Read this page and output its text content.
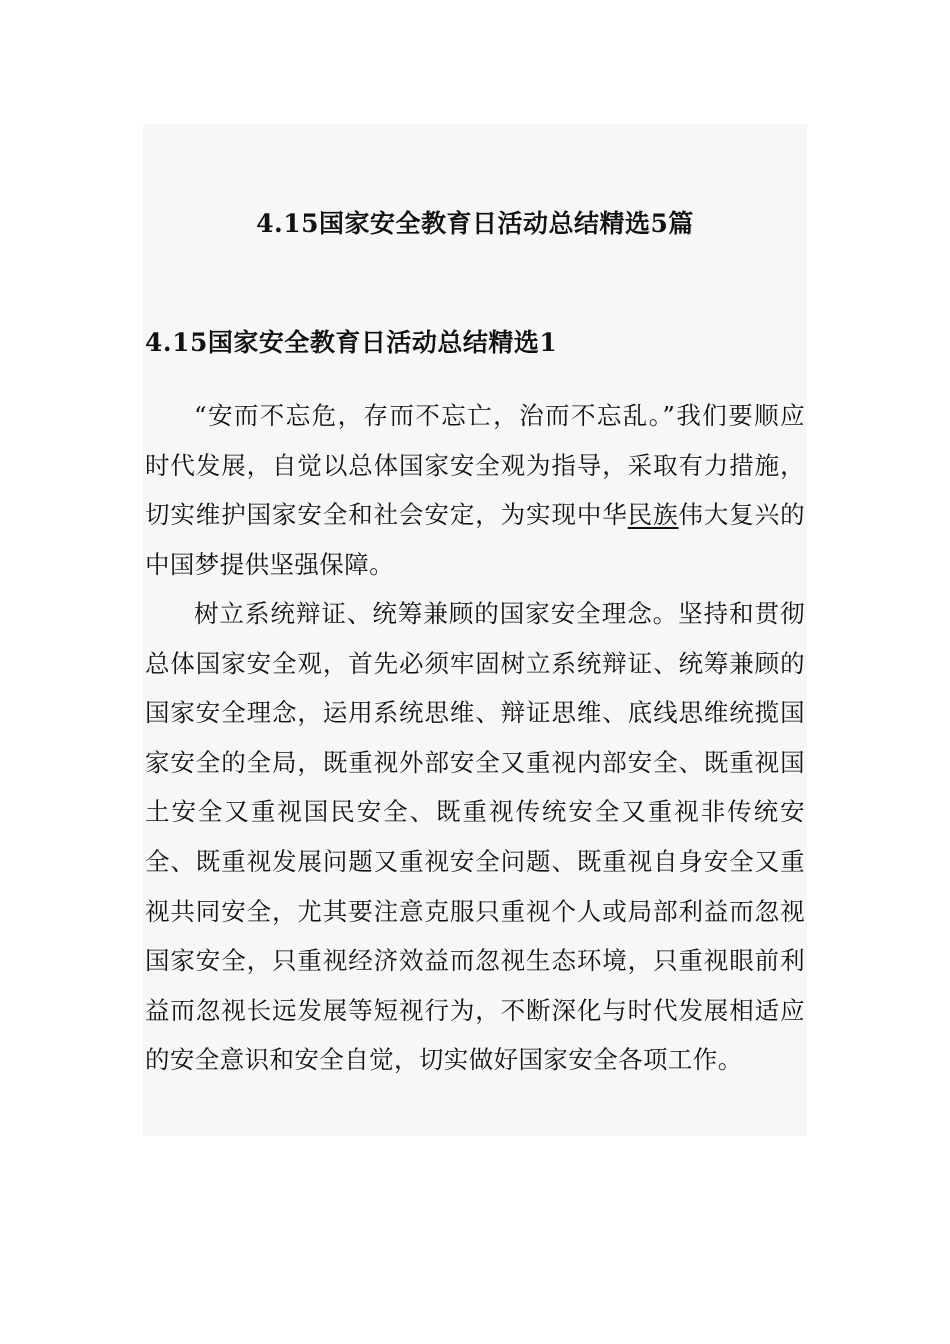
4.15国家安全教育日活动总结精选5篇
4.15国家安全教育日活动总结精选1

“安而不忘危，存而不忘亡，治而不忘乱。”我们要顺应时代发展，自觉以总体国家安全观为指导，采取有力措施，切实维护国家安全和社会安定，为实现中华民族伟大复兴的中国梦提供坚强保障。

树立系统辩证、统筹兼顾的国家安全理念。坚持和贯彻总体国家安全观，首先必须牢固树立系统辩证、统筹兼顾的国家安全理念，运用系统思维、辩证思维、底线思维统揽国家安全的全局，既重视外部安全又重视内部安全、既重视国土安全又重视国民安全、既重视传统安全又重视非传统安全、既重视发展问题又重视安全问题、既重视自身安全又重视共同安全，尤其要注意克服只重视个人或局部利益而忽视国家安全，只重视经济效益而忽视生态环境，只重视眼前利益而忽视长远发展等短视行为，不断深化与时代发展相适应的安全意识和安全自觉，切实做好国家安全各项工作。
